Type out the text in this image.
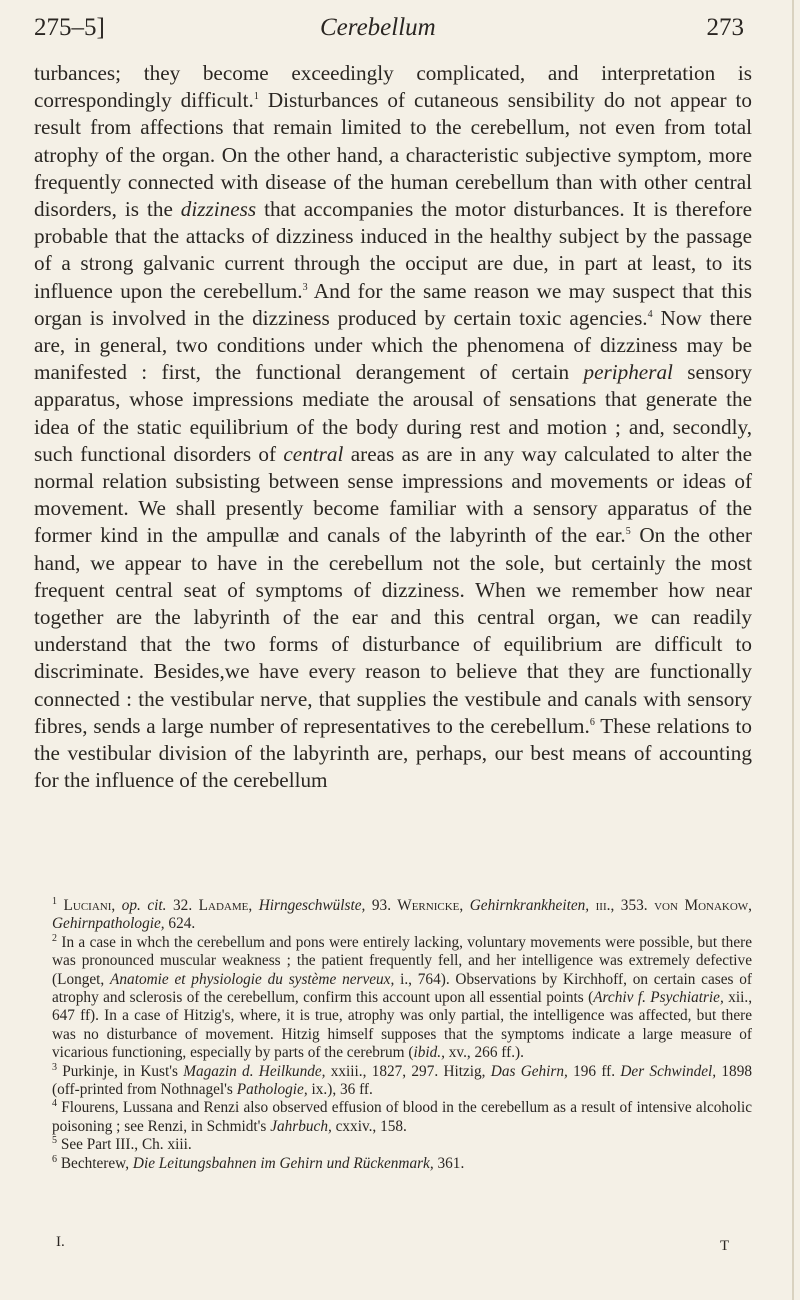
275–5]	Cerebellum	273

turbances; they become exceedingly complicated, and interpretation is correspondingly difficult.$^1$ Disturbances of cutaneous sensibility do not appear to result from affections that remain limited to the cerebellum, not even from total atrophy of the organ. On the other hand, a characteristic subjective symptom, more frequently connected with disease of the human cerebellum than with other central disorders, is the dizziness that accompanies the motor disturbances. It is therefore probable that the attacks of dizziness induced in the healthy subject by the passage of a strong galvanic current through the occiput are due, in part at least, to its influence upon the cerebellum.$^3$ And for the same reason we may suspect that this organ is involved in the dizziness produced by certain toxic agencies.$^4$ Now there are, in general, two conditions under which the phenomena of dizziness may be manifested : first, the functional derangement of certain peripheral sensory apparatus, whose impressions mediate the arousal of sensations that generate the idea of the static equilibrium of the body during rest and motion ; and, secondly, such functional disorders of central areas as are in any way calculated to alter the normal relation subsisting between sense impressions and movements or ideas of movement. We shall presently become familiar with a sensory apparatus of the former kind in the ampullæ and canals of the labyrinth of the ear.$^5$ On the other hand, we appear to have in the cerebellum not the sole, but certainly the most frequent central seat of symptoms of dizziness. When we remember how near together are the labyrinth of the ear and this central organ, we can readily understand that the two forms of disturbance of equilibrium are difficult to discriminate. Besides,we have every reason to believe that they are functionally connected : the vestibular nerve, that supplies the vestibule and canals with sensory fibres, sends a large number of representatives to the cerebellum.$^6$ These relations to the vestibular division of the labyrinth are, perhaps, our best means of accounting for the influence of the cerebellum

$^1$ Luciani, op. cit. 32. Ladame, Hirngeschwülste, 93. Wernicke, Gehirnkrankheiten, iii., 353. von Monakow, Gehirnpathologie, 624.

$^2$ In a case in whch the cerebellum and pons were entirely lacking, voluntary movements were possible, but there was pronounced muscular weakness ; the patient frequently fell, and her intelligence was extremely defective (Longet, Anatomie et physiologie du système nerveux, i., 764). Observations by Kirchhoff, on certain cases of atrophy and sclerosis of the cerebellum, confirm this account upon all essential points (Archiv f. Psychiatrie, xii., 647 ff). In a case of Hitzig's, where, it is true, atrophy was only partial, the intelligence was affected, but there was no disturbance of movement. Hitzig himself supposes that the symptoms indicate a large measure of vicarious functioning, especially by parts of the cerebrum (ibid., xv., 266 ff.).

$^3$ Purkinje, in Kust's Magazin d. Heilkunde, xxiii., 1827, 297. Hitzig, Das Gehirn, 196 ff. Der Schwindel, 1898 (off-printed from Nothnagel's Pathologie, ix.), 36 ff.

$^4$ Flourens, Lussana and Renzi also observed effusion of blood in the cerebellum as a result of intensive alcoholic poisoning ; see Renzi, in Schmidt's Jahrbuch, cxxiv., 158.

$^5$ See Part III., Ch. xiii.

$^6$ Bechterew, Die Leitungsbahnen im Gehirn und Rückenmark, 361.

I.	T
